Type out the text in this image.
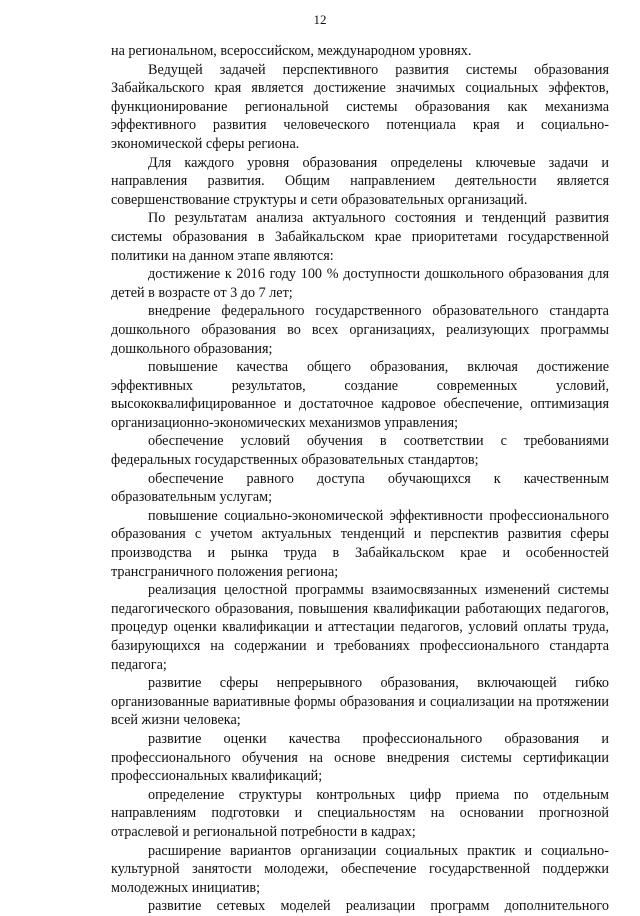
12

на региональном, всероссийском, международном уровнях.

Ведущей задачей перспективного развития системы образования Забайкальского края является достижение значимых социальных эффектов, функционирование региональной системы образования как механизма эффективного развития человеческого потенциала края и социально-экономической сферы региона.

Для каждого уровня образования определены ключевые задачи и направления развития. Общим направлением деятельности является совершенствование структуры и сети образовательных организаций.

По результатам анализа актуального состояния и тенденций развития системы образования в Забайкальском крае приоритетами государственной политики на данном этапе являются:

достижение к 2016 году 100 % доступности дошкольного образования для детей в возрасте от 3 до 7 лет;

внедрение федерального государственного образовательного стандарта дошкольного образования во всех организациях, реализующих программы дошкольного образования;

повышение качества общего образования, включая достижение эффективных результатов, создание современных условий, высококвалифицированное и достаточное кадровое обеспечение, оптимизация организационно-экономических механизмов управления;

обеспечение условий обучения в соответствии с требованиями федеральных государственных образовательных стандартов;

обеспечение равного доступа обучающихся к качественным образовательным услугам;

повышение социально-экономической эффективности профессионального образования с учетом актуальных тенденций и перспектив развития сферы производства и рынка труда в Забайкальском крае и особенностей трансграничного положения региона;

реализация целостной программы взаимосвязанных изменений системы педагогического образования, повышения квалификации работающих педагогов, процедур оценки квалификации и аттестации педагогов, условий оплаты труда, базирующихся на содержании и требованиях профессионального стандарта педагога;

развитие сферы непрерывного образования, включающей гибко организованные вариативные формы образования и социализации на протяжении всей жизни человека;

развитие оценки качества профессионального образования и профессионального обучения на основе внедрения системы сертификации профессиональных квалификаций;

определение структуры контрольных цифр приема по отдельным направлениям подготовки и специальностям на основании прогнозной отраслевой и региональной потребности в кадрах;

расширение вариантов организации социальных практик и социально-культурной занятости молодежи, обеспечение государственной поддержки молодежных инициатив;

развитие сетевых моделей реализации программ дополнительного
